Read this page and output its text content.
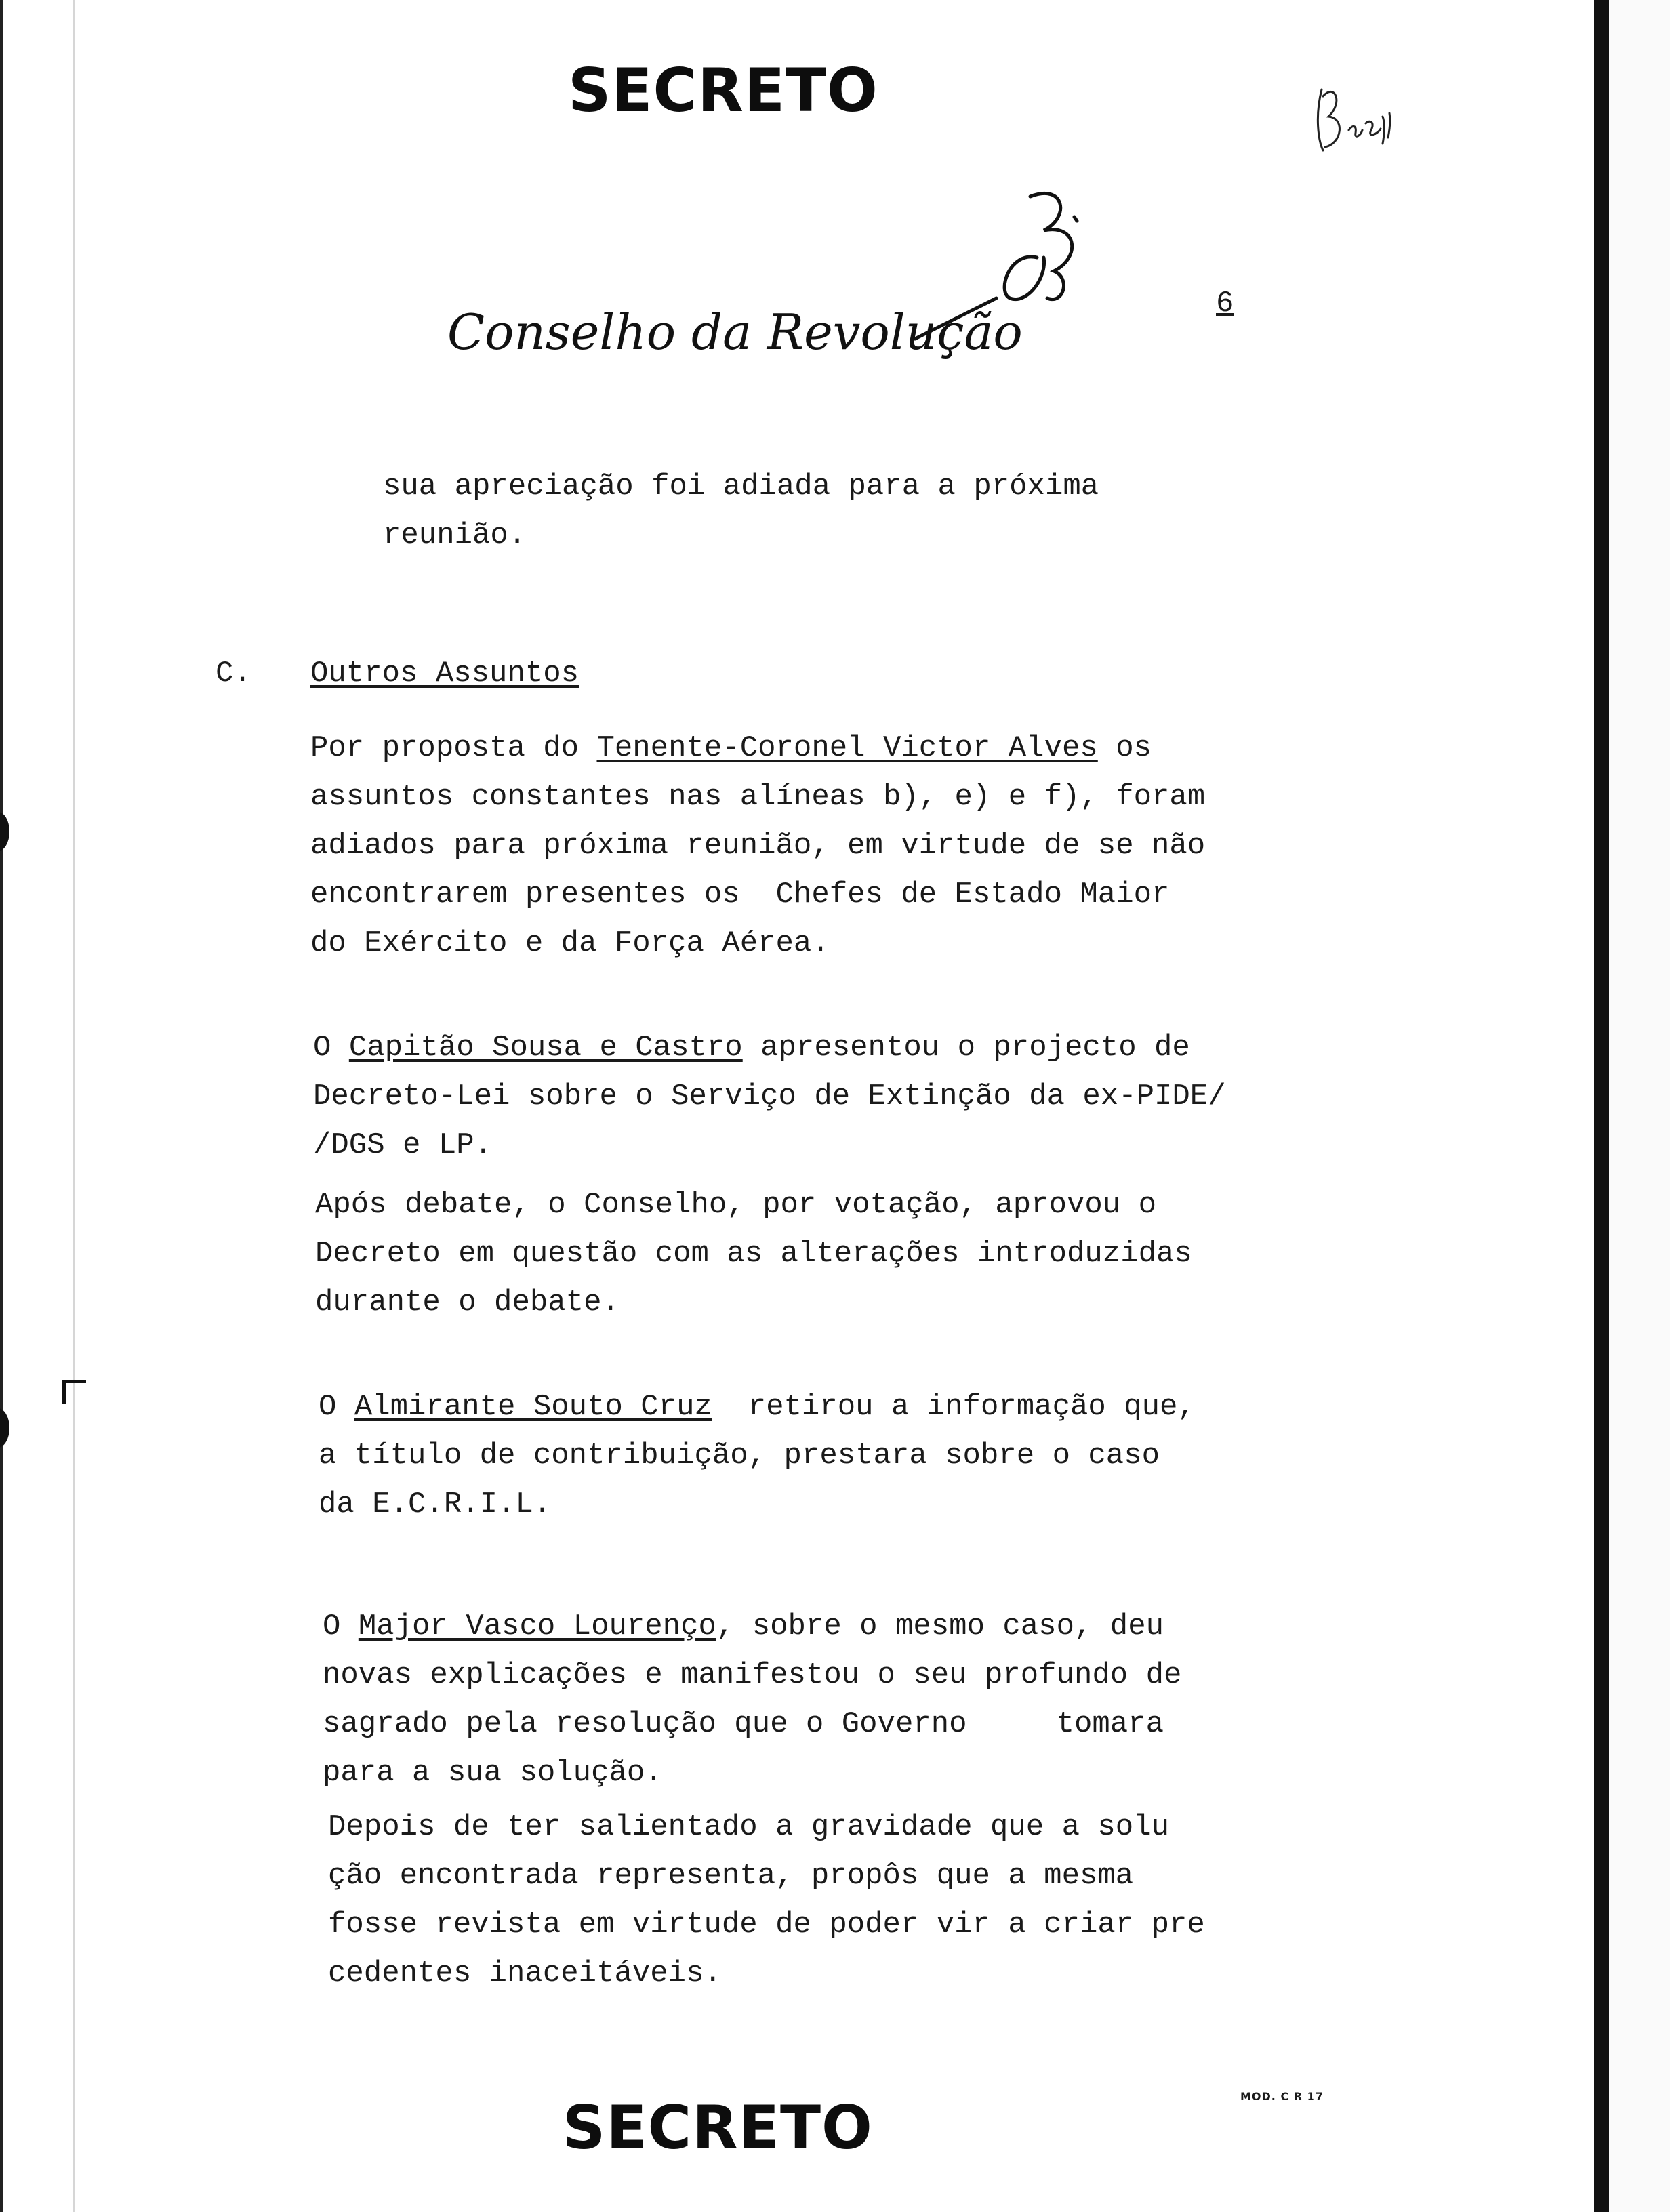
SECRETO
Conselho da Revolução	6
sua apreciação foi adiada para a próxima
reunião.
C. Outros Assuntos
Por proposta do Tenente-Coronel Victor Alves os
assuntos constantes nas alíneas b), e) e f), foram
adiados para próxima reunião, em virtude de se não
encontrarem presentes os  Chefes de Estado Maior
do Exército e da Força Aérea.
O Capitão Sousa e Castro apresentou o projecto de
Decreto-Lei sobre o Serviço de Extinção da ex-PIDE/
/DGS e LP.
Após debate, o Conselho, por votação, aprovou o
Decreto em questão com as alterações introduzidas
durante o debate.
O Almirante Souto Cruz  retirou a informação que,
a título de contribuição, prestara sobre o caso
da E.C.R.I.L.
O Major Vasco Lourenço, sobre o mesmo caso, deu
novas explicações e manifestou o seu profundo de
sagrado pela resolução que o Governo     tomara
para a sua solução.
Depois de ter salientado a gravidade que a solu
ção encontrada representa, propôs que a mesma
fosse revista em virtude de poder vir a criar pre
cedentes inaceitáveis.
SECRETO	MOD. C R 17
